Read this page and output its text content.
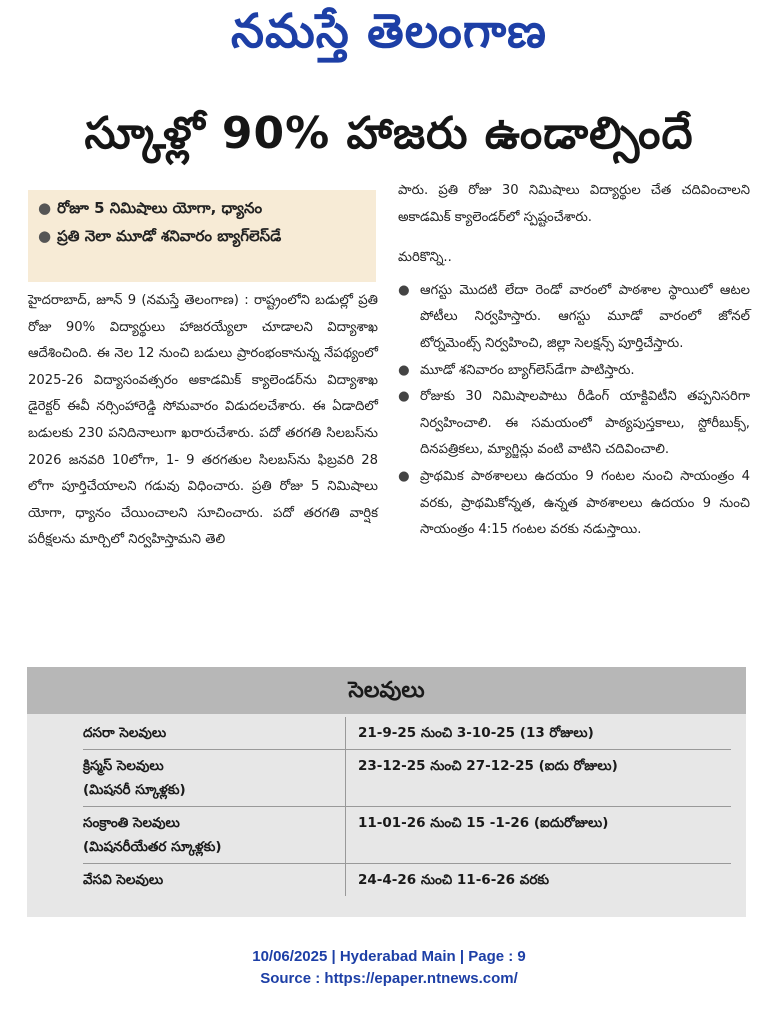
నమస్తే తెలంగాణ
స్కూళ్లో 90% హాజరు ఉండాల్సిందే
● రోజూ 5 నిమిషాలు యోగా, ధ్యానం
● ప్రతి నెలా మూడో శనివారం బ్యాగ్‌లెస్‌డే

హైదరాబాద్, జూన్ 9 (నమస్తే తెలంగాణ) : రాష్ట్రంలోని బడుల్లో ప్రతి రోజు 90% విద్యార్థులు హాజరయ్యేలా చూడాలని విద్యాశాఖ ఆదేశించింది. ఈ నెల 12 నుంచి బడులు ప్రారంభంకానున్న నేపథ్యంలో 2025-26 విద్యాసంవత్సరం అకాడమిక్ క్యాలెండర్‌ను విద్యాశాఖ డైరెక్టర్ ఈవీ నర్సింహారెడ్డి సోమవారం విడుదలచేశారు. ఈ ఏడాదిలో బడులకు 230 పనిదినాలుగా ఖరారుచేశారు. పదో తరగతి సిలబస్‌ను 2026 జనవరి 10లోగా, 1- 9 తరగతుల సిలబస్‌ను ఫిబ్రవరి 28 లోగా పూర్తిచేయాలని గడువు విధించారు. ప్రతి రోజు 5 నిమిషాలు యోగా, ధ్యానం చేయించాలని సూచించారు. పదో తరగతి వార్షిక పరీక్షలను మార్చిలో నిర్వహిస్తామని తెలి

పారు. ప్రతి రోజు 30 నిమిషాలు విద్యార్థుల చేత చదివించాలని అకాడమిక్ క్యాలెండర్‌లో స్పష్టంచేశారు.

మరికొన్ని..

● ఆగస్టు మొదటి లేదా రెండో వారంలో పాఠశాల స్థాయిలో ఆటల పోటీలు నిర్వహిస్తారు. ఆగస్టు మూడో వారంలో జోనల్ టోర్నమెంట్స్ నిర్వహించి, జిల్లా సెలక్షన్స్ పూర్తిచేస్తారు.
● మూడో శనివారం బ్యాగ్‌లెస్‌డేగా పాటిస్తారు.
● రోజుకు 30 నిమిషాలపాటు రీడింగ్ యాక్టివిటీని తప్పనిసరిగా నిర్వహించాలి. ఈ సమయంలో పాఠ్యపుస్తకాలు, స్టోరీబుక్స్, దినపత్రికలు, మ్యాగ్జిన్లు వంటి వాటిని చదివించాలి.
● ప్రాథమిక పాఠశాలలు ఉదయం 9 గంటల నుంచి సాయంత్రం 4 వరకు, ప్రాథమికోన్నత, ఉన్నత పాఠశాలలు ఉదయం 9 నుంచి సాయంత్రం 4:15 గంటల వరకు నడుస్తాయి.
సెలవులు
దసరా సెలవులు	21-9-25 నుంచి 3-10-25 (13 రోజులు)
క్రిస్మస్ సెలవులు
(మిషనరీ స్కూళ్లకు)
23-12-25 నుంచి 27-12-25 (ఐదు రోజులు)
సంక్రాంతి సెలవులు
(మిషనరీయేతర స్కూళ్లకు)
11-01-26 నుంచి 15 -1-26 (ఐదురోజులు)
వేసవి సెలవులు	24-4-26 నుంచి 11-6-26 వరకు
10/06/2025 | Hyderabad Main | Page : 9
Source : https://epaper.ntnews.com/
